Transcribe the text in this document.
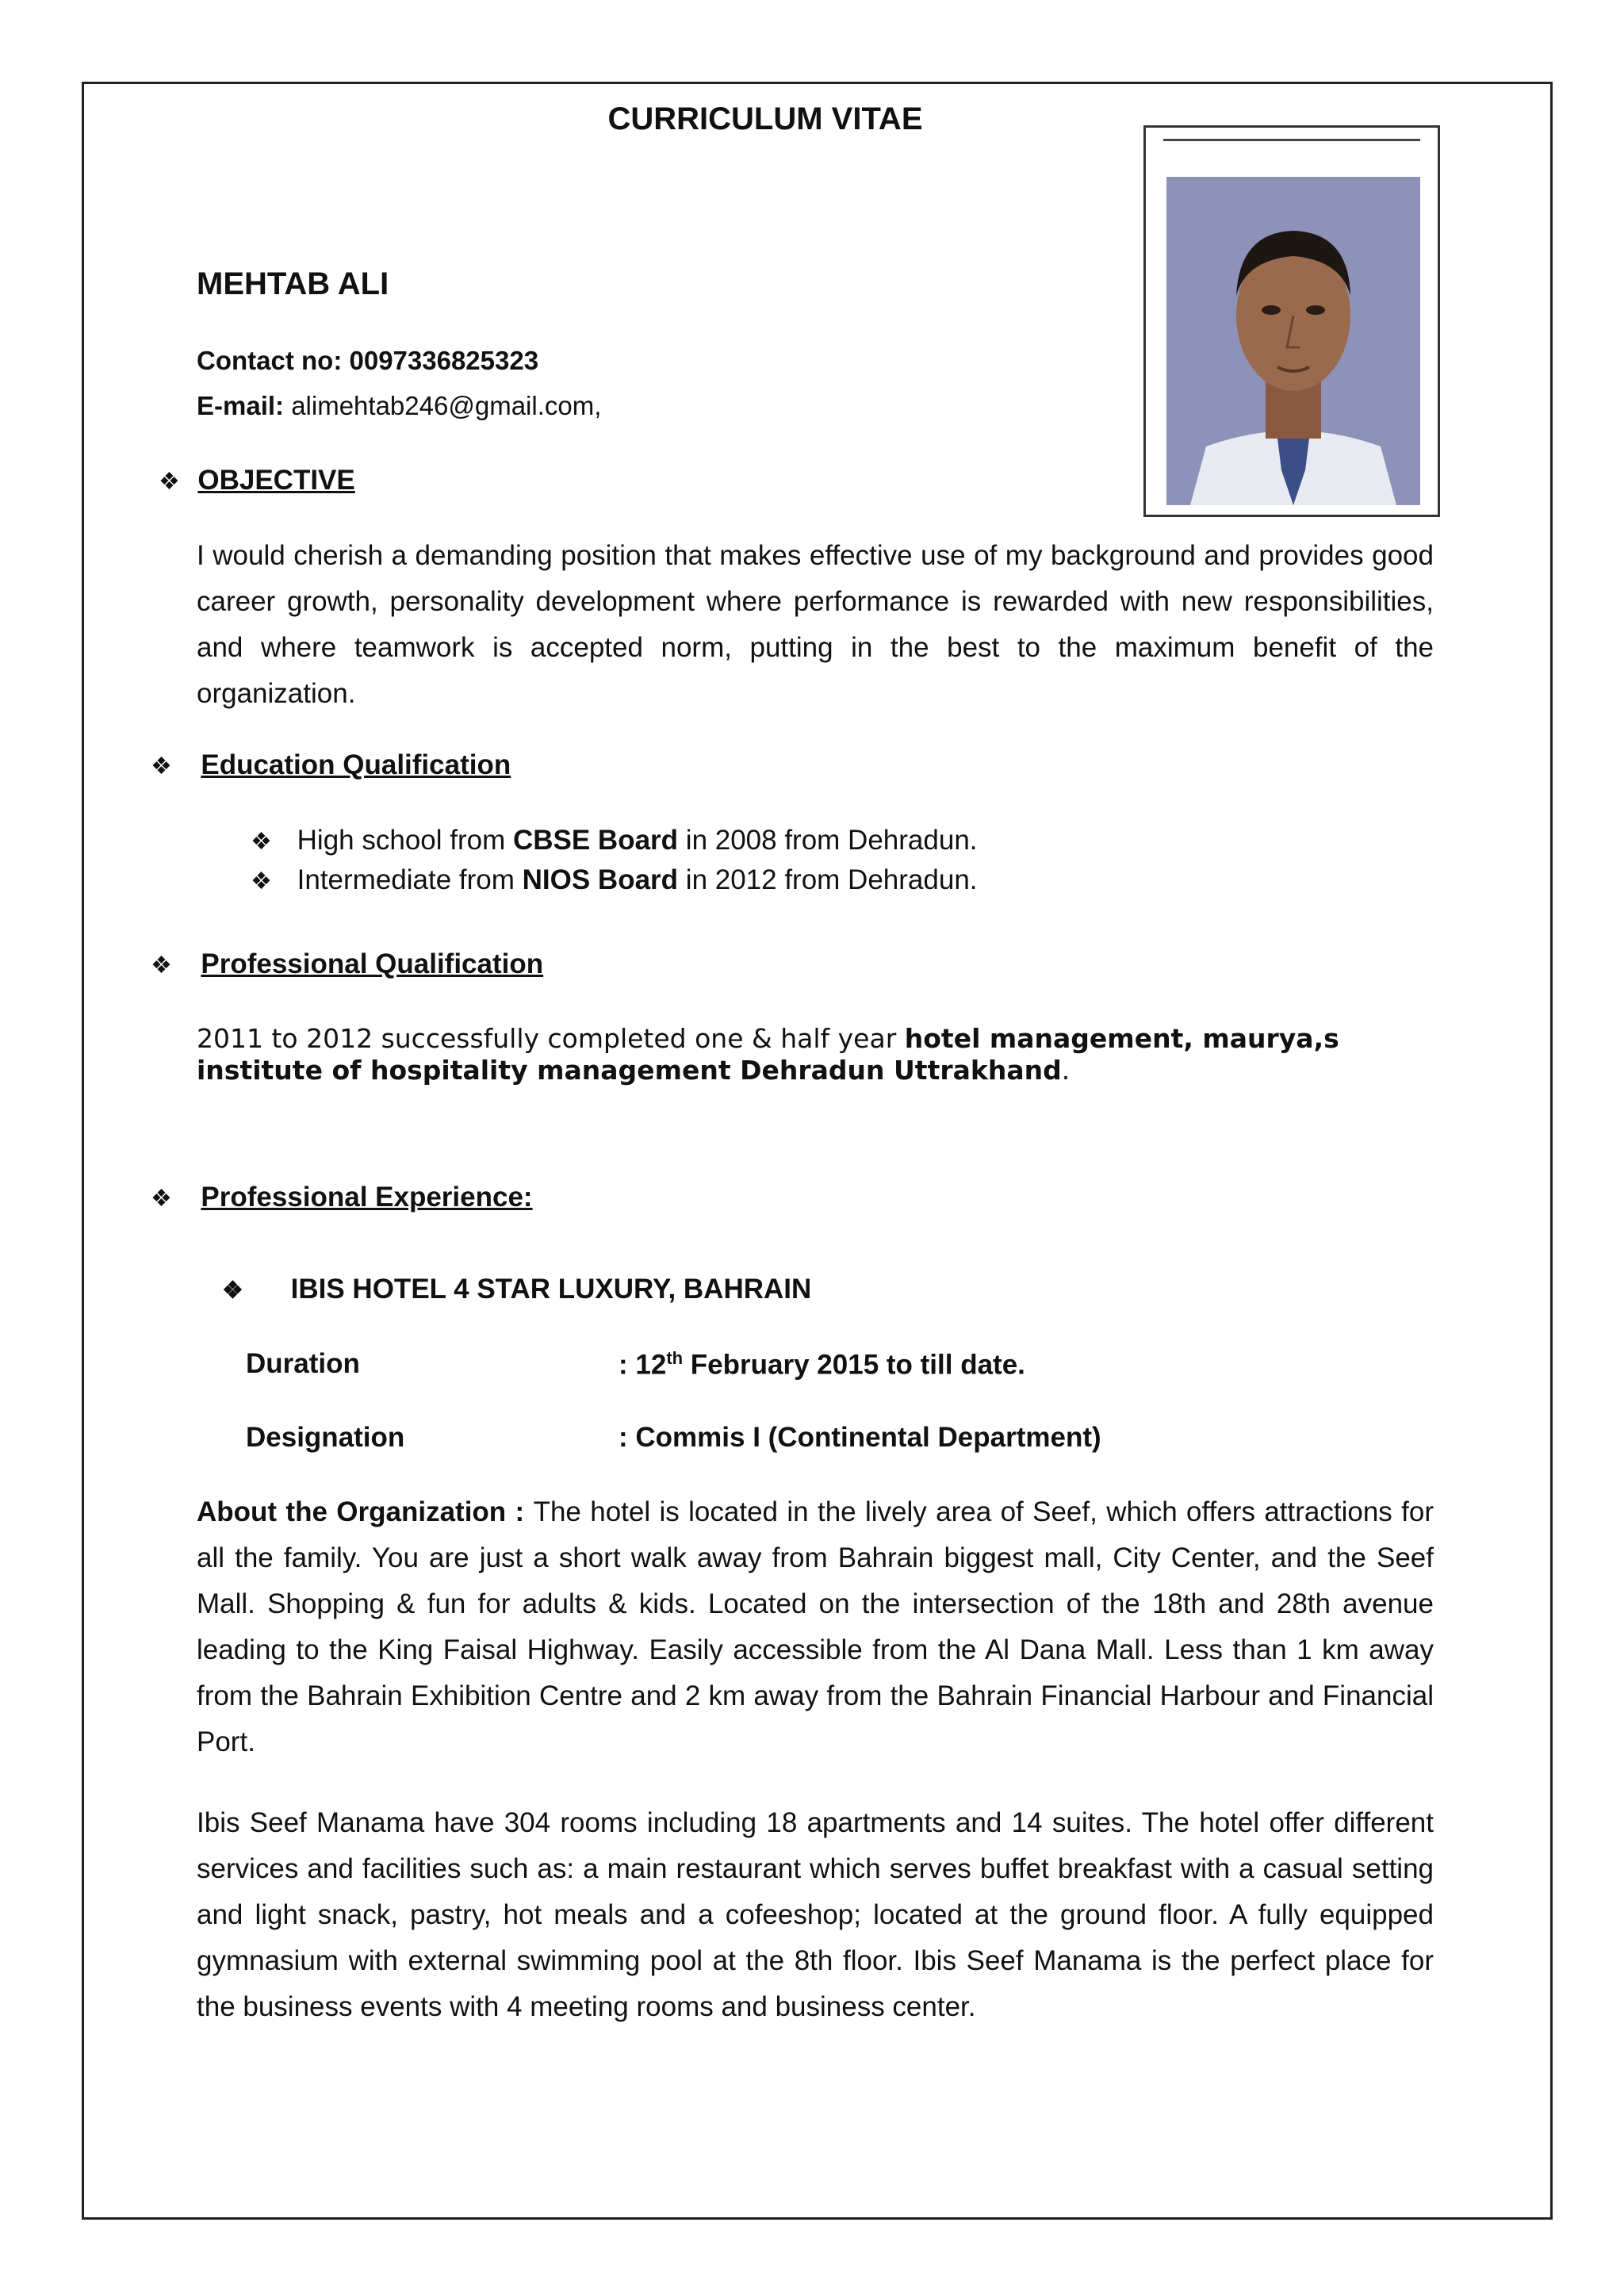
CURRICULUM VITAE
MEHTAB ALI
Contact no: 0097336825323
E-mail: alimehtab246@gmail.com,
❖ OBJECTIVE
I would cherish a demanding position that makes effective use of my background and provides good career growth, personality development where performance is rewarded with new responsibilities, and where teamwork is accepted norm, putting in the best to the maximum benefit of the organization.
❖ Education Qualification
❖ High school from CBSE Board in 2008 from Dehradun.
❖ Intermediate from NIOS Board in 2012 from Dehradun.
❖ Professional Qualification
2011 to 2012 successfully completed one & half year hotel management, maurya,s institute of hospitality management Dehradun Uttrakhand.
❖ Professional Experience:
❖ IBIS HOTEL 4 STAR LUXURY, BAHRAIN
Duration	: 12th February 2015 to till date.
Designation	: Commis I (Continental Department)
About the Organization : The hotel is located in the lively area of Seef, which offers attractions for all the family. You are just a short walk away from Bahrain biggest mall, City Center, and the Seef Mall. Shopping & fun for adults & kids. Located on the intersection of the 18th and 28th avenue leading to the King Faisal Highway. Easily accessible from the Al Dana Mall. Less than 1 km away from the Bahrain Exhibition Centre and 2 km away from the Bahrain Financial Harbour and Financial Port.
Ibis Seef Manama have 304 rooms including 18 apartments and 14 suites. The hotel offer different services and facilities such as: a main restaurant which serves buffet breakfast with a casual setting and light snack, pastry, hot meals and a cofeeshop; located at the ground floor. A fully equipped gymnasium with external swimming pool at the 8th floor. Ibis Seef Manama is the perfect place for the business events with 4 meeting rooms and business center.
